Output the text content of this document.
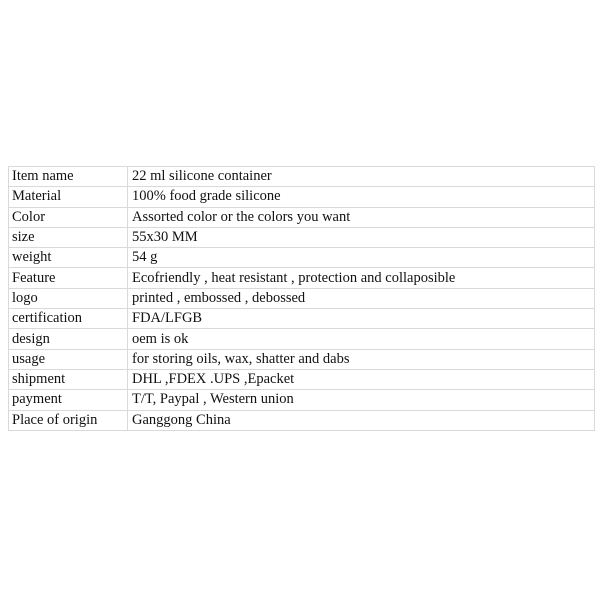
Item name	22 ml silicone container
Material	100% food grade silicone
Color	Assorted color or the colors you want
size	55x30 MM
weight	54 g
Feature	Ecofriendly , heat resistant , protection and collaposible
logo	printed , embossed , debossed
certification	FDA/LFGB
design	oem is ok
usage	for storing oils, wax, shatter and dabs
shipment	DHL ,FDEX .UPS ,Epacket
payment	T/T, Paypal , Western union
Place of origin	Ganggong China
